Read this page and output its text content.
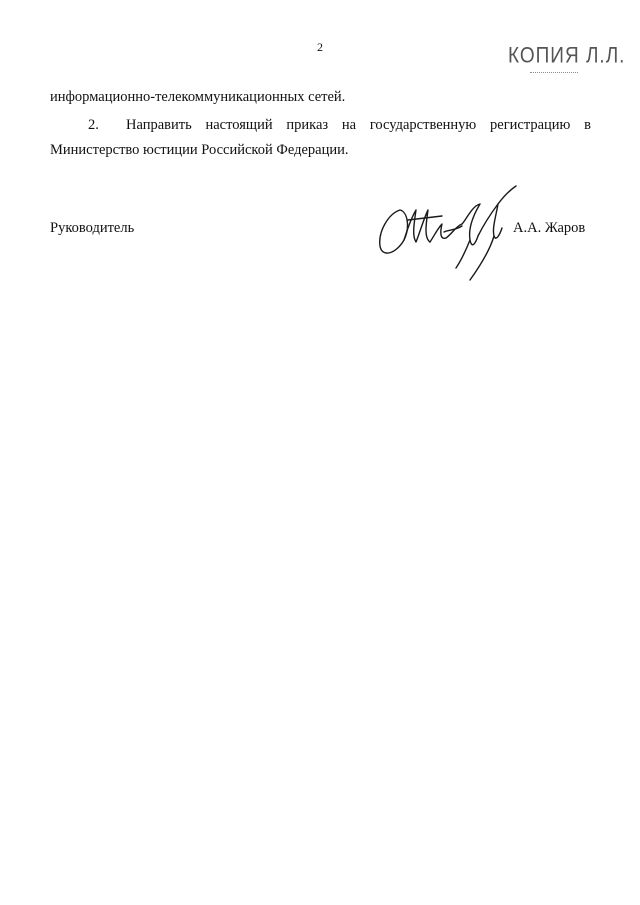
2	КОПИЯ Л.Л.
информационно-телекоммуникационных сетей.
2. Направить настоящий приказ на государственную регистрацию в
Министерство юстиции Российской Федерации.
Руководитель	А.А. Жаров
